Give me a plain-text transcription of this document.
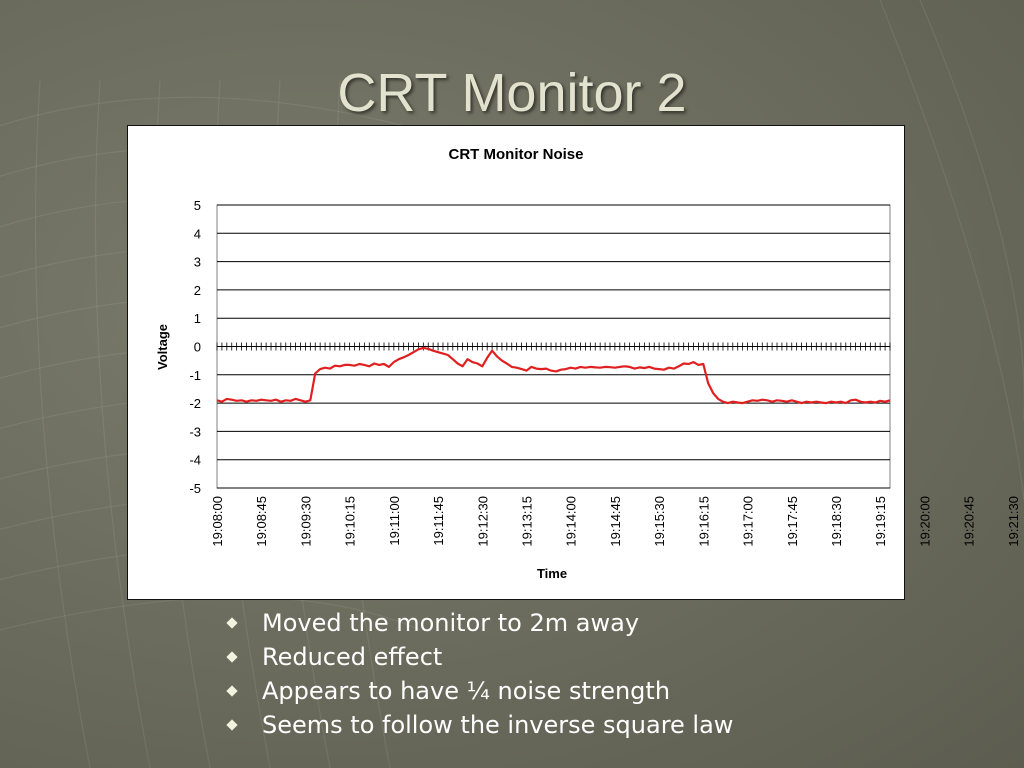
CRT Monitor 2
CRT Monitor Noise
Voltage
Time
5
4
3
2
1
0
-1
-2
-3
-4
-5
19:08:00 19:08:45 19:09:30 19:10:15 19:11:00 19:11:45 19:12:30 19:13:15 19:14:00 19:14:45 19:15:30 19:16:15 19:17:00 19:17:45 19:18:30 19:19:15 19:20:00 19:20:45 19:21:30
Moved the monitor to 2m away
Reduced effect
Appears to have ¼ noise strength
Seems to follow the inverse square law
